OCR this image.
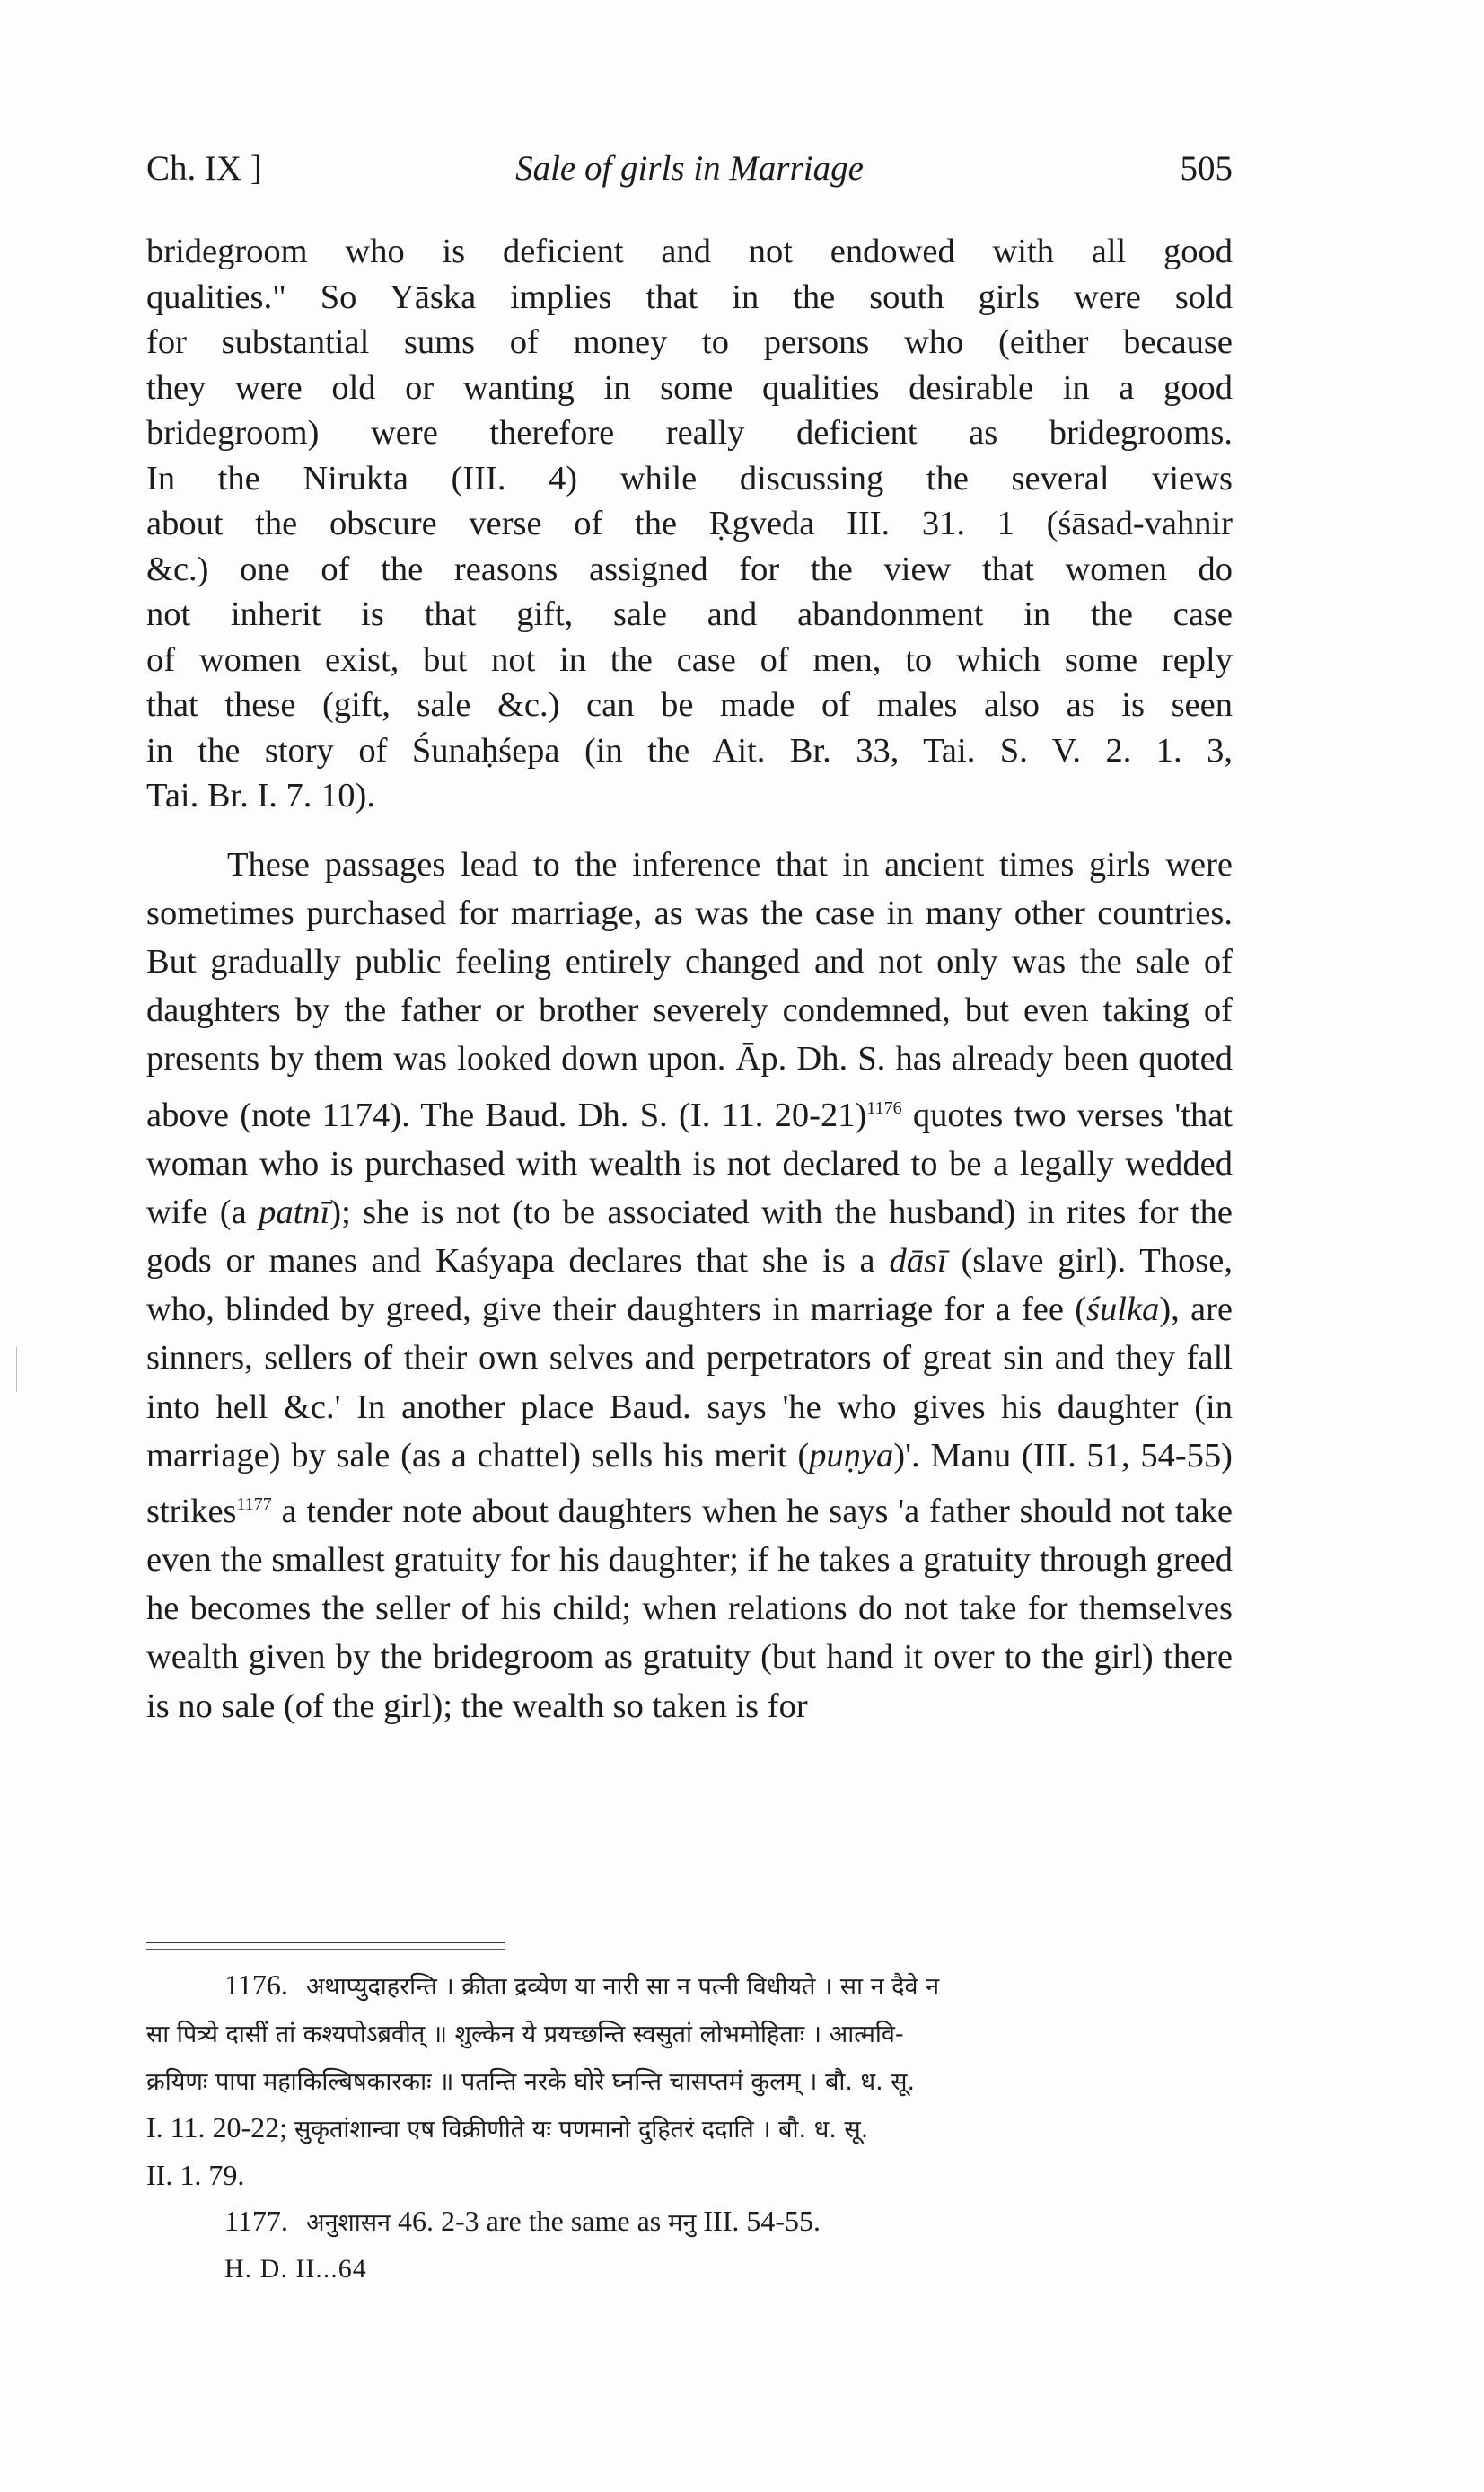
Ch. IX ]	Sale of girls in Marriage	505
bridegroom who is deficient and not endowed with all good
qualities." So Yāska implies that in the south girls were sold
for substantial sums of money to persons who (either because
they were old or wanting in some qualities desirable in a good
bridegroom) were therefore really deficient as bridegrooms.
In the Nirukta (III. 4) while discussing the several views
about the obscure verse of the Ṛgveda III. 31. 1 (śāsad-vahnir
&c.) one of the reasons assigned for the view that women do
not inherit is that gift, sale and abandonment in the case
of women exist, but not in the case of men, to which some reply
that these (gift, sale &c.) can be made of males also as is seen
in the story of Śunaḥśepa (in the Ait. Br. 33, Tai. S. V. 2. 1. 3,
Tai. Br. I. 7. 10).

These passages lead to the inference that in ancient times girls were sometimes purchased for marriage, as was the case in many other countries. But gradually public feeling entirely changed and not only was the sale of daughters by the father or brother severely condemned, but even taking of presents by them was looked down upon. Āp. Dh. S. has already been quoted above (note 1174). The Baud. Dh. S. (I. 11. 20-21)$^{1176}$ quotes two verses 'that woman who is purchased with wealth is not declared to be a legally wedded wife (a patnī); she is not (to be associated with the husband) in rites for the gods or manes and Kaśyapa declares that she is a dāsī (slave girl). Those, who, blinded by greed, give their daughters in marriage for a fee (śulka), are sinners, sellers of their own selves and perpetrators of great sin and they fall into hell &c.' In another place Baud. says 'he who gives his daughter (in marriage) by sale (as a chattel) sells his merit (puṇya)'. Manu (III. 51, 54-55) strikes$^{1177}$ a tender note about daughters when he says 'a father should not take even the smallest gratuity for his daughter; if he takes a gratuity through greed he becomes the seller of his child; when relations do not take for themselves wealth given by the bridegroom as gratuity (but hand it over to the girl) there is no sale (of the girl); the wealth so taken is for

1176. अथाप्युदाहरन्ति । क्रीता द्रव्येण या नारी सा न पत्नी विधीयते । सा न दैवे न
सा पित्र्ये दासीं तां कश्यपोऽब्रवीत् ॥ शुल्केन ये प्रयच्छन्ति स्वसुतां लोभमोहिताः । आत्मवि-
क्रयिणः पापा महाकिल्बिषकारकाः ॥ पतन्ति नरके घोरे घ्नन्ति चासप्तमं कुलम् । बौ. ध. सू.
I. 11. 20-22; सुकृतांशान्वा एष विक्रीणीते यः पणमानो दुहितरं ददाति । बौ. ध. सू.
II. 1. 79.
1177. अनुशासन 46. 2-3 are the same as मनु III. 54-55.
H. D. II...64
